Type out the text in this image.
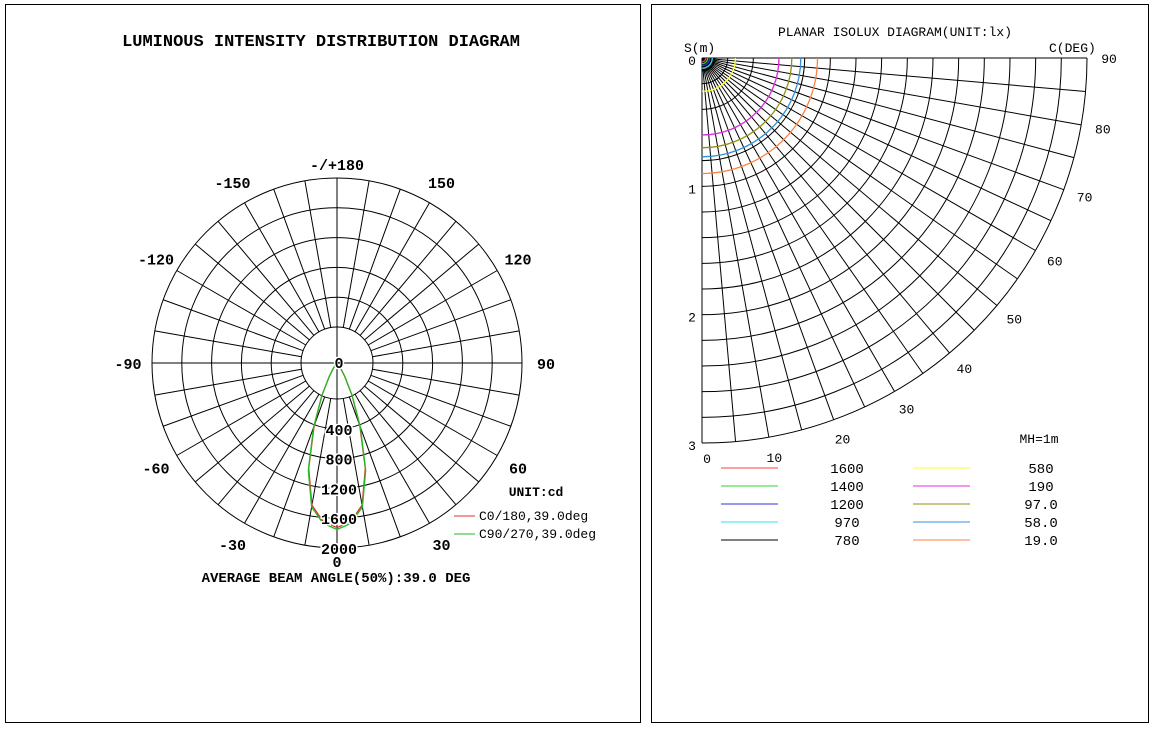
LUMINOUS INTENSITY DISTRIBUTION DIAGRAM
-/+180
150
-150
120
-120
90
-90
60
-60
30
-30
0
0
400
800
1200
1600
2000
UNIT:cd
C0/180,39.0deg
C90/270,39.0deg
AVERAGE BEAM ANGLE(50%):39.0 DEG
PLANAR ISOLUX DIAGRAM(UNIT:lx)
S(m)	C(DEG)
0
1
2
3
0	10
20
30
40
50
60
70
80
90
MH=1m
1600
1400
1200
970
780
580
190
97.0
58.0
19.0
